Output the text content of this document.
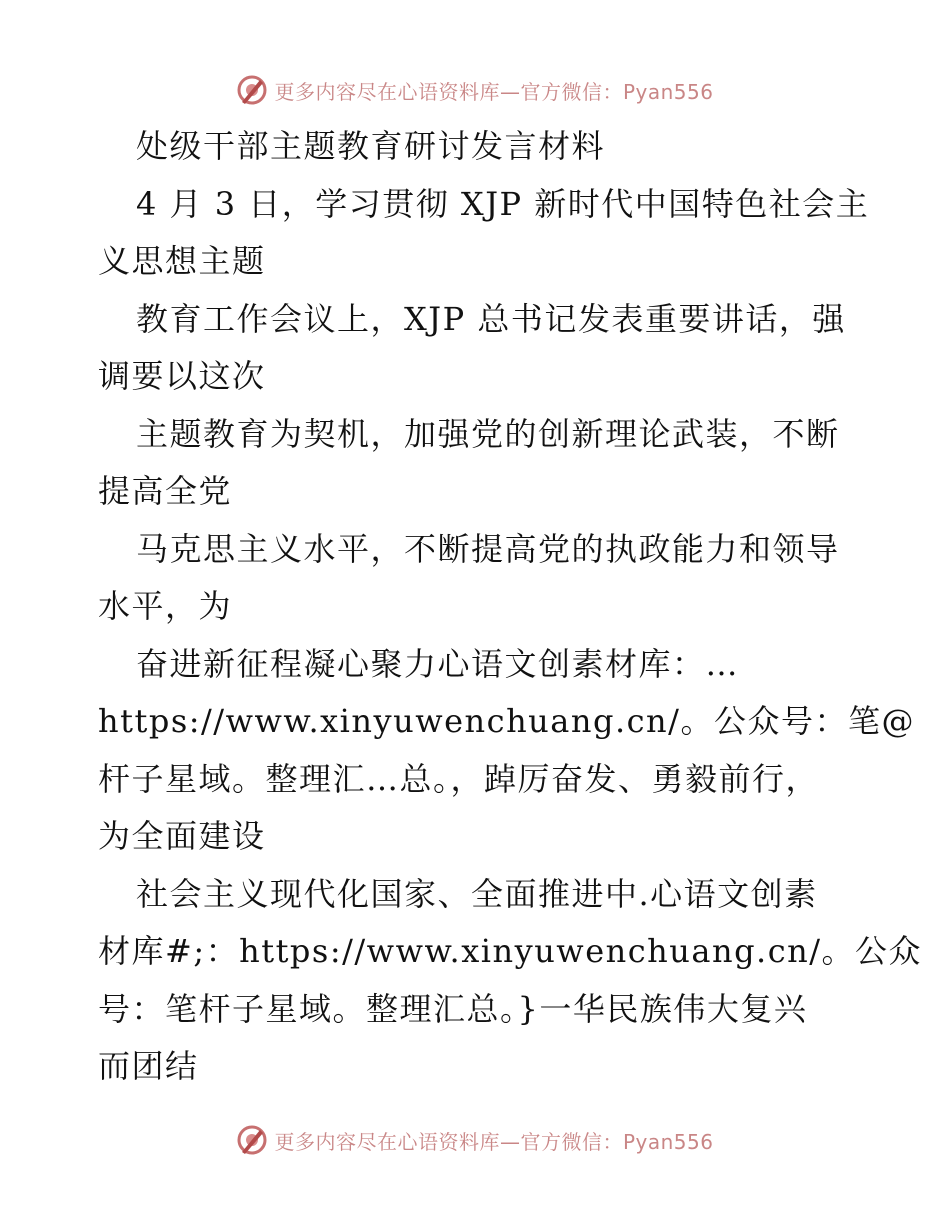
更多内容尽在心语资料库—官方微信：Pyan556
处级干部主题教育研讨发言材料
4 月 3 日，学习贯彻 XJP 新时代中国特色社会主
义思想主题
教育工作会议上，XJP 总书记发表重要讲话，强
调要以这次
主题教育为契机，加强党的创新理论武装，不断
提高全党
马克思主义水平，不断提高党的执政能力和领导
水平，为
奋进新征程凝心聚力心语文创素材库：…
https://www.xinyuwenchuang.cn/。公众号：笔@
杆子星域。整理汇…总。，踔厉奋发、勇毅前行，
为全面建设
社会主义现代化国家、全面推进中.心语文创素
材库#;：https://www.xinyuwenchuang.cn/。公众
号：笔杆子星域。整理汇总。}一华民族伟大复兴
而团结
更多内容尽在心语资料库—官方微信：Pyan556
